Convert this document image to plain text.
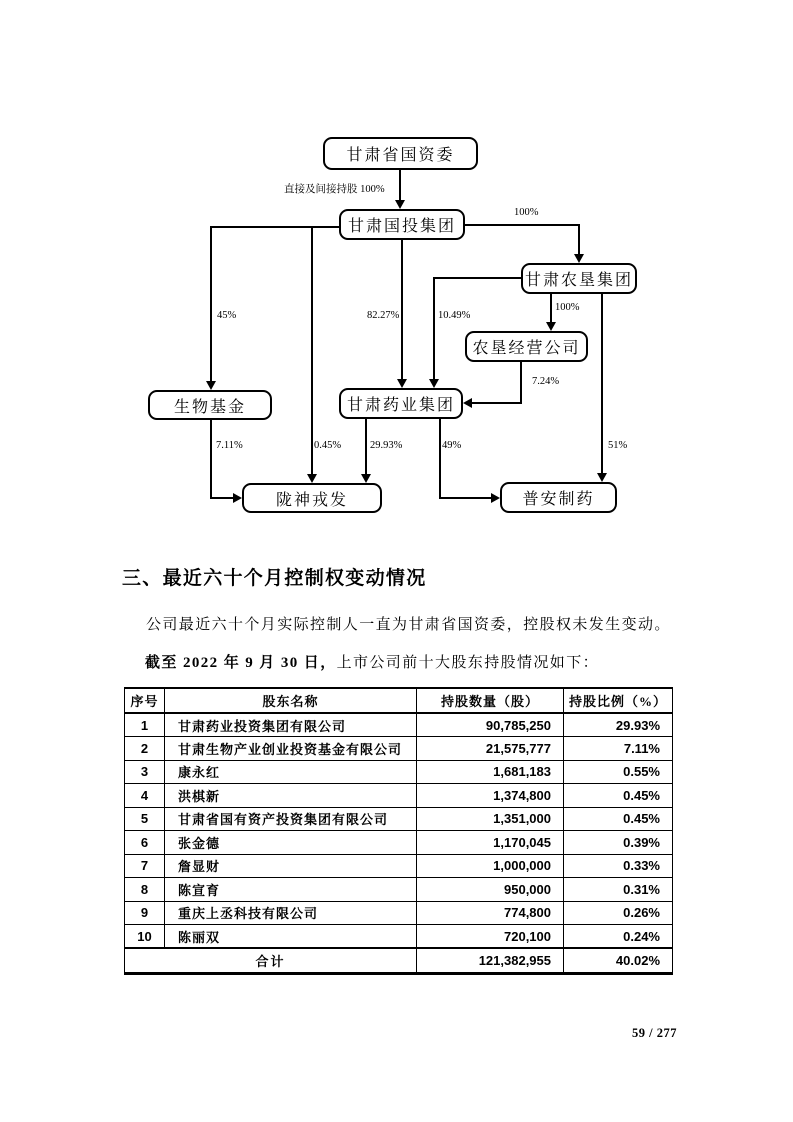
甘肃省国资委
甘肃国投集团
甘肃农垦集团
农垦经营公司
甘肃药业集团
生物基金
陇神戎发	普安制药
直接及间接持股 100%
100%
45%	82.27%	10.49%
100%
7.24%
7.11%	0.45%	29.93%	49%	51%
三、最近六十个月控制权变动情况
公司最近六十个月实际控制人一直为甘肃省国资委，控股权未发生变动。
截至 2022 年 9 月 30 日，上市公司前十大股东持股情况如下：
序号	股东名称	持股数量（股）	持股比例（%）
1	甘肃药业投资集团有限公司	90,785,250	29.93%
2	甘肃生物产业创业投资基金有限公司	21,575,777	7.11%
3	康永红	1,681,183	0.55%
4	洪棋新	1,374,800	0.45%
5	甘肃省国有资产投资集团有限公司	1,351,000	0.45%
6	张金德	1,170,045	0.39%
7	詹显财	1,000,000	0.33%
8	陈宣育	950,000	0.31%
9	重庆上丞科技有限公司	774,800	0.26%
10	陈丽双	720,100	0.24%
合计		121,382,955	40.02%
59 / 277
